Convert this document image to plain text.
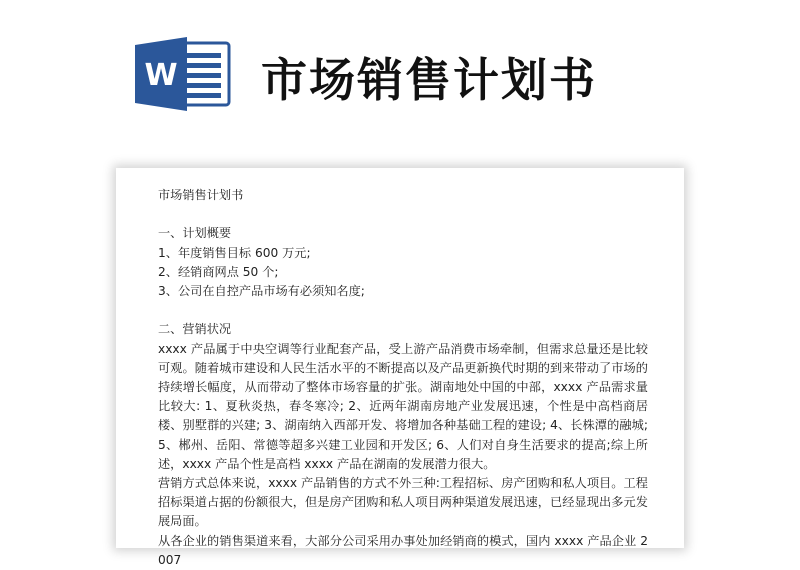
W 市场销售计划书
市场销售计划书

一、计划概要
1、年度销售目标 600 万元;
2、经销商网点 50 个;
3、公司在自控产品市场有必须知名度;

二、营销状况
xxxx 产品属于中央空调等行业配套产品，受上游产品消费市场牵制，但需求总量还是比较可观。随着城市建设和人民生活水平的不断提高以及产品更新换代时期的到来带动了市场的持续增长幅度，从而带动了整体市场容量的扩张。湖南地处中国的中部，xxxx 产品需求量比较大: 1、夏秋炎热，春冬寒冷; 2、近两年湖南房地产业发展迅速，个性是中高档商居楼、别墅群的兴建; 3、湖南纳入西部开发、将增加各种基础工程的建设; 4、长株潭的融城; 5、郴州、岳阳、常德等超多兴建工业园和开发区; 6、人们对自身生活要求的提高;综上所述，xxxx 产品个性是高档 xxxx 产品在湖南的发展潜力很大。
营销方式总体来说，xxxx 产品销售的方式不外三种:工程招标、房产团购和私人项目。工程招标渠道占据的份额很大，但是房产团购和私人项目两种渠道发展迅速，已经显现出多元发展局面。
从各企业的销售渠道来看，大部分公司采用办事处加经销商的模式，国内 xxxx 产品企业 2007
